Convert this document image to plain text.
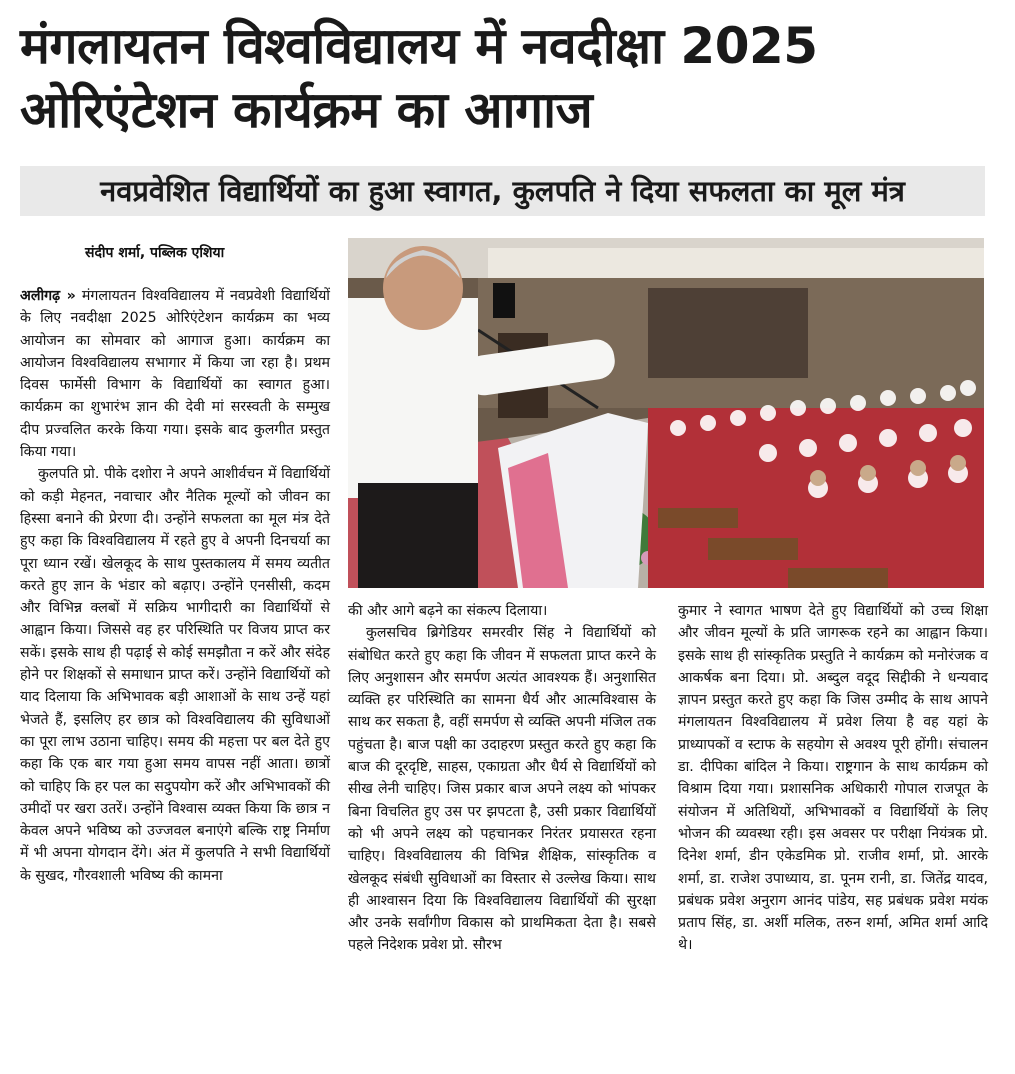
मंगलायतन विश्वविद्यालय में नवदीक्षा 2025
ओरिएंटेशन कार्यक्रम का आगाज
नवप्रवेशित विद्यार्थियों का हुआ स्वागत, कुलपति ने दिया सफलता का मूल मंत्र
संदीप शर्मा, पब्लिक एशिया

अलीगढ़ » मंगलायतन विश्वविद्यालय में नवप्रवेशी विद्यार्थियों के लिए नवदीक्षा 2025 ओरिएंटेशन कार्यक्रम का भव्य आयोजन का सोमवार को आगाज हुआ। कार्यक्रम का आयोजन विश्वविद्यालय सभागार में किया जा रहा है। प्रथम दिवस फार्मेसी विभाग के विद्यार्थियों का स्वागत हुआ। कार्यक्रम का शुभारंभ ज्ञान की देवी मां सरस्वती के सम्मुख दीप प्रज्वलित करके किया गया। इसके बाद कुलगीत प्रस्तुत किया गया।

कुलपति प्रो. पीके दशोरा ने अपने आशीर्वचन में विद्यार्थियों को कड़ी मेहनत, नवाचार और नैतिक मूल्यों को जीवन का हिस्सा बनाने की प्रेरणा दी। उन्होंने सफलता का मूल मंत्र देते हुए कहा कि विश्वविद्यालय में रहते हुए वे अपनी दिनचर्या का पूरा ध्यान रखें। खेलकूद के साथ पुस्तकालय में समय व्यतीत करते हुए ज्ञान के भंडार को बढ़ाए। उन्होंने एनसीसी, कदम और विभिन्न क्लबों में सक्रिय भागीदारी का विद्यार्थियों से आह्वान किया। जिससे वह हर परिस्थिति पर विजय प्राप्त कर सकें। इसके साथ ही पढ़ाई से कोई समझौता न करें और संदेह होने पर शिक्षकों से समाधान प्राप्त करें। उन्होंने विद्यार्थियों को याद दिलाया कि अभिभावक बड़ी आशाओं के साथ उन्हें यहां भेजते हैं, इसलिए हर छात्र को विश्वविद्यालय की सुविधाओं का पूरा लाभ उठाना चाहिए। समय की महत्ता पर बल देते हुए कहा कि एक बार गया हुआ समय वापस नहीं आता। छात्रों को चाहिए कि हर पल का सदुपयोग करें और अभिभावकों की उमीदों पर खरा उतरें। उन्होंने विश्वास व्यक्त किया कि छात्र न केवल अपने भविष्य को उज्जवल बनाएंगे बल्कि राष्ट्र निर्माण में भी अपना योगदान देंगे। अंत में कुलपति ने सभी विद्यार्थियों के सुखद, गौरवशाली भविष्य की कामना

की और आगे बढ़ने का संकल्प दिलाया।

कुलसचिव ब्रिगेडियर समरवीर सिंह ने विद्यार्थियों को संबोधित करते हुए कहा कि जीवन में सफलता प्राप्त करने के लिए अनुशासन और समर्पण अत्यंत आवश्यक हैं। अनुशासित व्यक्ति हर परिस्थिति का सामना धैर्य और आत्मविश्वास के साथ कर सकता है, वहीं समर्पण से व्यक्ति अपनी मंजिल तक पहुंचता है। बाज पक्षी का उदाहरण प्रस्तुत करते हुए कहा कि बाज की दूरदृष्टि, साहस, एकाग्रता और धैर्य से विद्यार्थियों को सीख लेनी चाहिए। जिस प्रकार बाज अपने लक्ष्य को भांपकर बिना विचलित हुए उस पर झपटता है, उसी प्रकार विद्यार्थियों को भी अपने लक्ष्य को पहचानकर निरंतर प्रयासरत रहना चाहिए। विश्वविद्यालय की विभिन्न शैक्षिक, सांस्कृतिक व खेलकूद संबंधी सुविधाओं का विस्तार से उल्लेख किया। साथ ही आश्वासन दिया कि विश्वविद्यालय विद्यार्थियों की सुरक्षा और उनके सर्वांगीण विकास को प्राथमिकता देता है। सबसे पहले निदेशक प्रवेश प्रो. सौरभ

कुमार ने स्वागत भाषण देते हुए विद्यार्थियों को उच्च शिक्षा और जीवन मूल्यों के प्रति जागरूक रहने का आह्वान किया। इसके साथ ही सांस्कृतिक प्रस्तुति ने कार्यक्रम को मनोरंजक व आकर्षक बना दिया। प्रो. अब्दुल वदूद सिद्दीकी ने धन्यवाद ज्ञापन प्रस्तुत करते हुए कहा कि जिस उम्मीद के साथ आपने मंगलायतन विश्वविद्यालय में प्रवेश लिया है वह यहां के प्राध्यापकों व स्टाफ के सहयोग से अवश्य पूरी होंगी। संचालन डा. दीपिका बांदिल ने किया। राष्ट्रगान के साथ कार्यक्रम को विश्राम दिया गया। प्रशासनिक अधिकारी गोपाल राजपूत के संयोजन में अतिथियों, अभिभावकों व विद्यार्थियों के लिए भोजन की व्यवस्था रही। इस अवसर पर परीक्षा नियंत्रक प्रो. दिनेश शर्मा, डीन एकेडमिक प्रो. राजीव शर्मा, प्रो. आरके शर्मा, डा. राजेश उपाध्याय, डा. पूनम रानी, डा. जितेंद्र यादव, प्रबंधक प्रवेश अनुराग आनंद पांडेय, सह प्रबंधक प्रवेश मयंक प्रताप सिंह, डा. अर्शी मलिक, तरुन शर्मा, अमित शर्मा आदि थे।
